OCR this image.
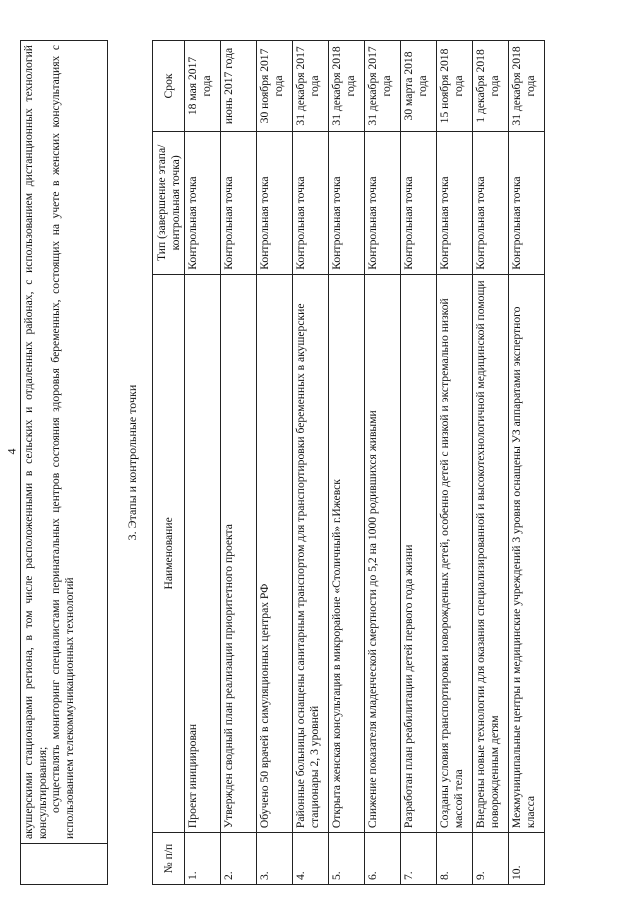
4 акушерскими стационарами региона, в том числе расположенными в сельских и отдаленных районах, с использованием дистанционных технологий консультирования; осуществлять мониторинг специалистами перинатальных центров состояния здоровья беременных, состоящих на учете в женских консультациях с использованием телекоммуникационных технологий

3. Этапы и контрольные точки
№ п/п	Наименование	Тип (завершение этапа/контрольная точка)	Срок
1.	Проект инициирован	Контрольная точка	18 мая 2017 года
2.	Утвержден сводный план реализации приоритетного проекта	Контрольная точка	июнь 2017 года
3.	Обучено 50 врачей в симуляционных центрах РФ	Контрольная точка	30 ноября 2017 года
4.	Районные больницы оснащены санитарным транспортом для транспортировки беременных в акушерские стационары 2, 3 уровней	Контрольная точка	31 декабря 2017 года
5.	Открыта женская консультация в микрорайоне «Столичный» г.Ижевск	Контрольная точка	31 декабря 2018 года
6.	Снижение показателя младенческой смертности до 5,2 на 1000 родившихся живыми	Контрольная точка	31 декабря 2017 года
7.	Разработан план реабилитации детей первого года жизни	Контрольная точка	30 марта 2018 года
8.	Созданы условия транспортировки новорожденных детей, особенно детей с низкой и экстремально низкой массой тела	Контрольная точка	15 ноября 2018 года
9.	Внедрены новые технологии для оказания специализированной и высокотехнологичной медицинской помощи новорожденным детям	Контрольная точка	1 декабря 2018 года
10.	Межмуниципальные центры и медицинские учреждений 3 уровня оснащены УЗ аппаратами экспертного класса	Контрольная точка	31 декабря 2018 года
